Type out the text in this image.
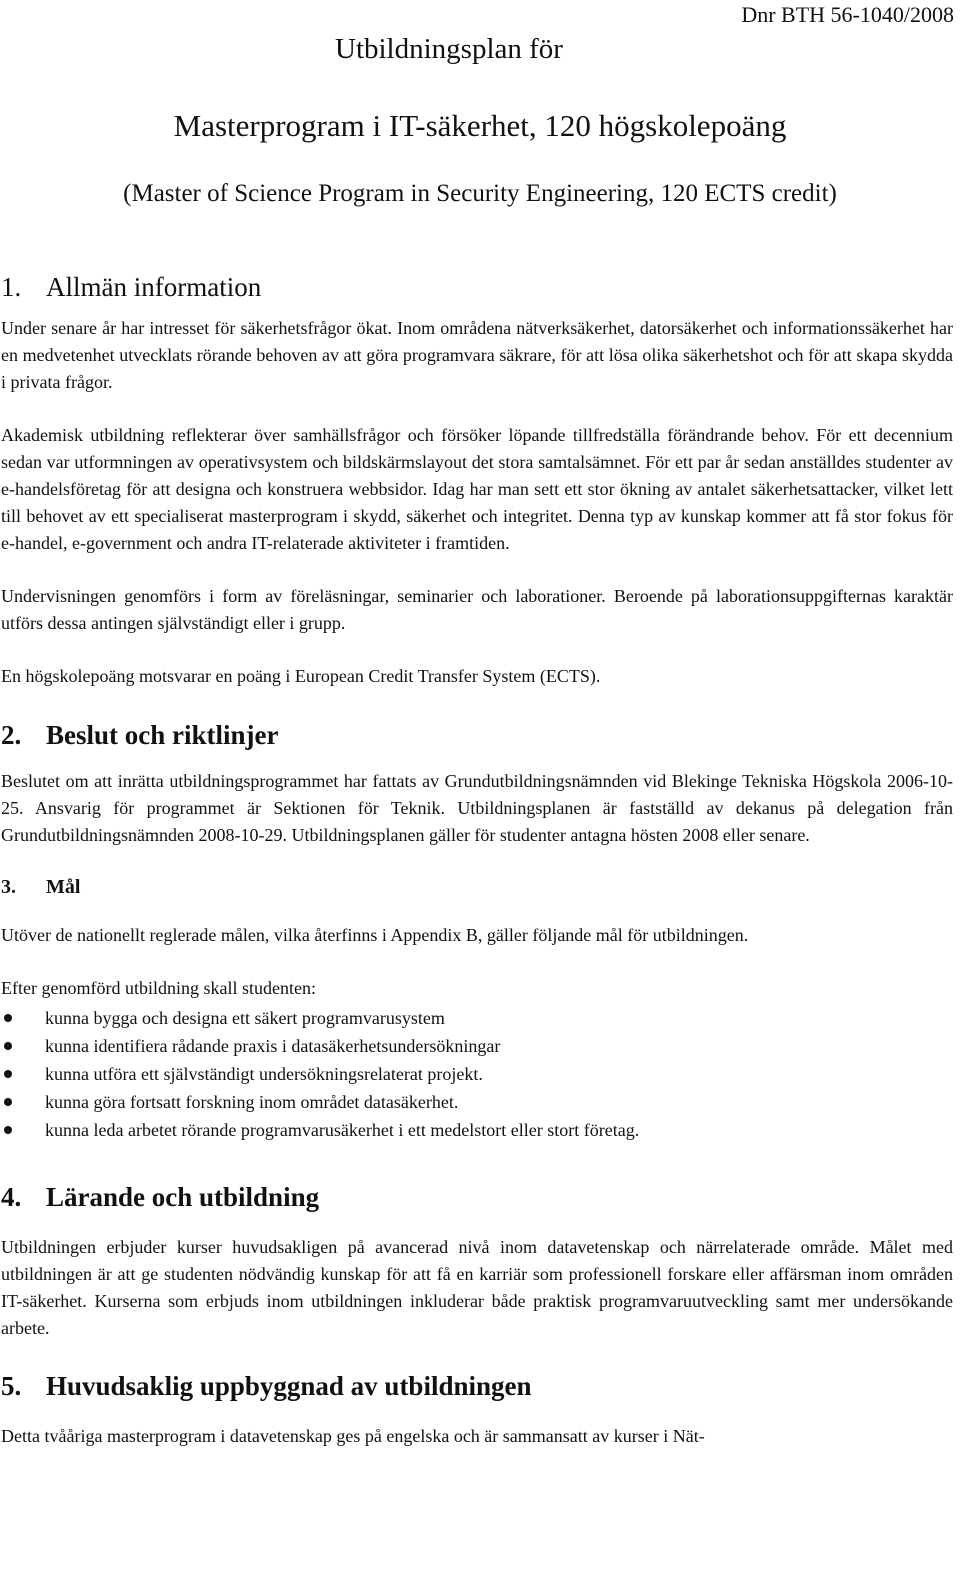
Dnr BTH 56-1040/2008
Utbildningsplan för
Masterprogram i IT-säkerhet, 120 högskolepoäng
(Master of Science Program in Security Engineering, 120 ECTS credit)
1. Allmän information

Under senare år har intresset för säkerhetsfrågor ökat. Inom områdena nätverksäkerhet, datorsäkerhet och informationssäkerhet har en medvetenhet utvecklats rörande behoven av att göra programvara säkrare, för att lösa olika säkerhetshot och för att skapa skydda i privata frågor.

Akademisk utbildning reflekterar över samhällsfrågor och försöker löpande tillfredställa förändrande behov. För ett decennium sedan var utformningen av operativsystem och bildskärmslayout det stora samtalsämnet. För ett par år sedan anställdes studenter av e-handelsföretag för att designa och konstruera webbsidor. Idag har man sett ett stor ökning av antalet säkerhetsattacker, vilket lett till behovet av ett specialiserat masterprogram i skydd, säkerhet och integritet. Denna typ av kunskap kommer att få stor fokus för e-handel, e-government och andra IT-relaterade aktiviteter i framtiden.

Undervisningen genomförs i form av föreläsningar, seminarier och laborationer. Beroende på laborationsuppgifternas karaktär utförs dessa antingen självständigt eller i grupp.

En högskolepoäng motsvarar en poäng i European Credit Transfer System (ECTS).

2. Beslut och riktlinjer

Beslutet om att inrätta utbildningsprogrammet har fattats av Grundutbildningsnämnden vid Blekinge Tekniska Högskola 2006-10-25. Ansvarig för programmet är Sektionen för Teknik. Utbildningsplanen är fastställd av dekanus på delegation från Grundutbildningsnämnden 2008-10-29. Utbildningsplanen gäller för studenter antagna hösten 2008 eller senare.

3.	Mål

Utöver de nationellt reglerade målen, vilka återfinns i Appendix B, gäller följande mål för utbildningen.

Efter genomförd utbildning skall studenten:

kunna bygga och designa ett säkert programvarusystem
kunna identifiera rådande praxis i datasäkerhetsundersökningar
kunna utföra ett självständigt undersökningsrelaterat projekt.
kunna göra fortsatt forskning inom området datasäkerhet.
kunna leda arbetet rörande programvarusäkerhet i ett medelstort eller stort företag.
4. Lärande och utbildning

Utbildningen erbjuder kurser huvudsakligen på avancerad nivå inom datavetenskap och närrelaterade område. Målet med utbildningen är att ge studenten nödvändig kunskap för att få en karriär som professionell forskare eller affärsman inom områden IT-säkerhet. Kurserna som erbjuds inom utbildningen inkluderar både praktisk programvaruutveckling samt mer undersökande arbete.

5. Huvudsaklig uppbyggnad av utbildningen

Detta tvååriga masterprogram i datavetenskap ges på engelska och är sammansatt av kurser i Nät-
